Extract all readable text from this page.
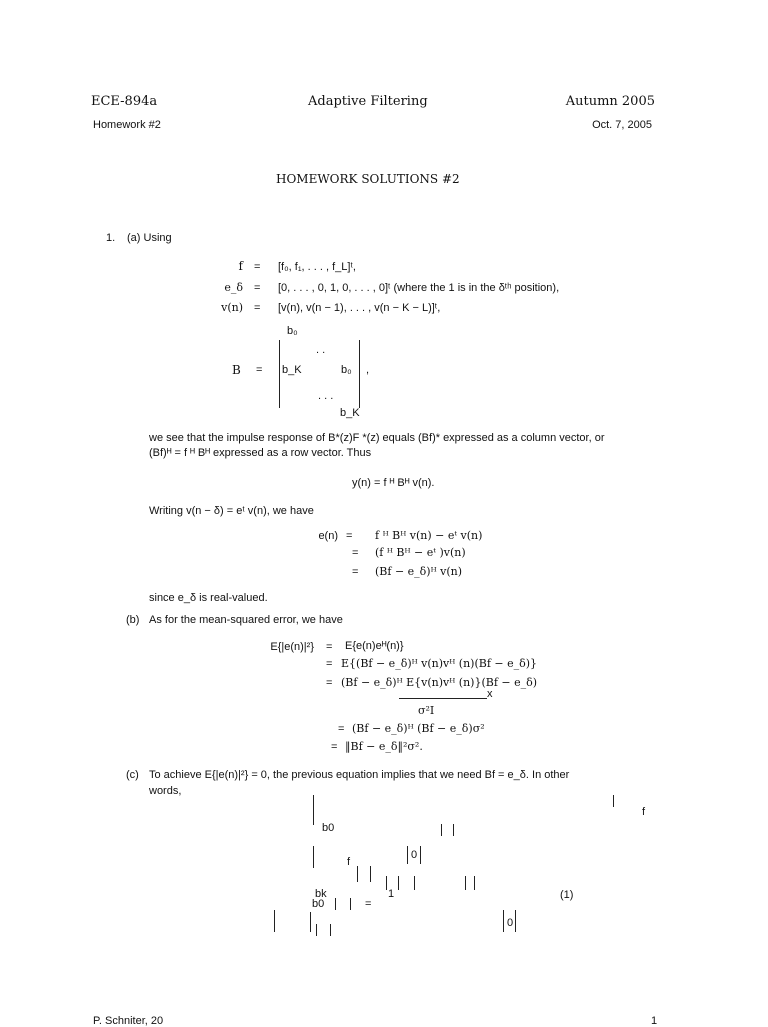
ECE-894a	Adaptive Filtering	Autumn 2005
Homework #2	Oct. 7, 2005
HOMEWORK SOLUTIONS #2
1. (a) Using
f = [f₀, f₁, . . . , f_L]ᵗ,
e_δ = [0, . . . , 0, 1, 0, . . . , 0]ᵗ (where the 1 is in the δᵗʰ position),
v(n) = [v(n), v(n − 1), . . . , v(n − K − L)]ᵗ,
b₀
. .
B = b_K	b₀ ,
. . .
b_K
we see that the impulse response of B*(z)F *(z) equals (Bf)* expressed as a column vector, or
(Bf)ᴴ = f ᴴ Bᴴ expressed as a row vector. Thus
y(n) = f ᴴ Bᴴ v(n).
Writing v(n − δ) = eᵗ v(n), we have
e(n) = f ᴴ Bᴴ v(n) − eᵗ v(n)
= (f ᴴ Bᴴ − eᵗ )v(n)
= (Bf − e_δ)ᴴ v(n)
since e_δ is real-valued.
(b) As for the mean-squared error, we have
E{|e(n)|²} = E{e(n)eᴴ(n)}
= E{(Bf − e_δ)ᴴ v(n)vᴴ (n)(Bf − e_δ)}
= (Bf − e_δ)ᴴ E{v(n)vᴴ (n)}(Bf − e_δ)
x
σ²I
= (Bf − e_δ)ᴴ (Bf − e_δ)σ²
= ‖Bf − e_δ‖²σ².
(c) To achieve E{|e(n)|²} = 0, the previous equation implies that we need Bf = e_δ. In other
words,
f
b0
f
0
bk	1	(1)
b0	=
0
P. Schniter, 20	1
